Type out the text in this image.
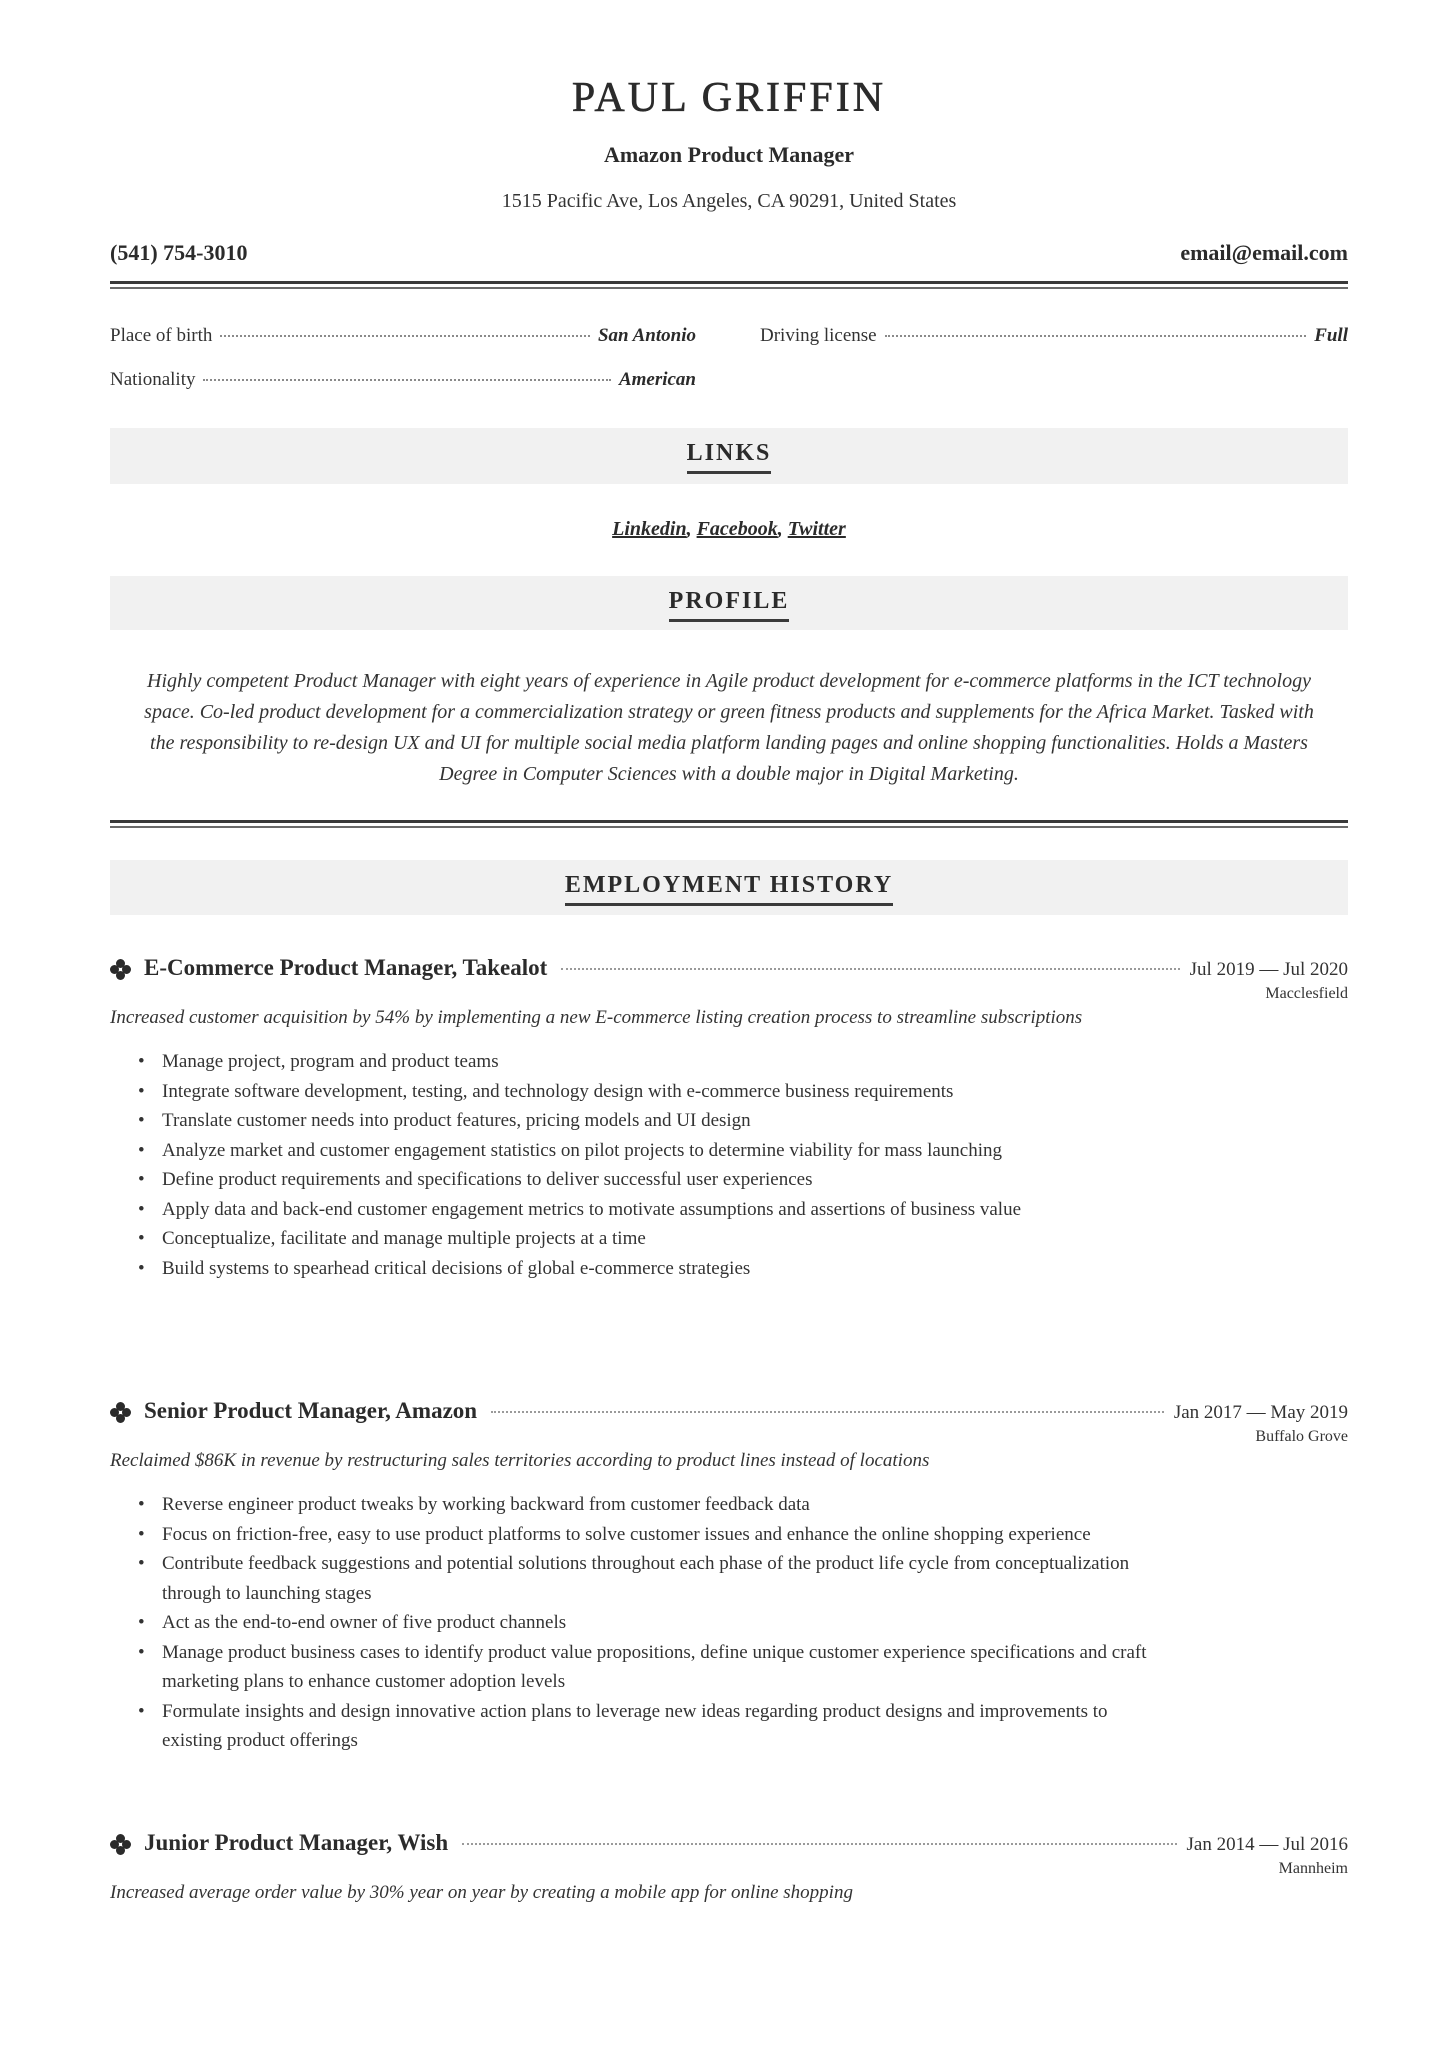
PAUL GRIFFIN
Amazon Product Manager
1515 Pacific Ave, Los Angeles, CA 90291, United States
(541) 754-3010	email@email.com
Place of birth	San Antonio	Driving license	Full
Nationality	American
LINKS
Linkedin, Facebook, Twitter
PROFILE
Highly competent Product Manager with eight years of experience in Agile product development for e-commerce platforms in the ICT technology space. Co-led product development for a commercialization strategy or green fitness products and supplements for the Africa Market. Tasked with the responsibility to re-design UX and UI for multiple social media platform landing pages and online shopping functionalities. Holds a Masters Degree in Computer Sciences with a double major in Digital Marketing.
EMPLOYMENT HISTORY
E-Commerce Product Manager, Takealot	Jul 2019 — Jul 2020
Macclesfield
Increased customer acquisition by 54% by implementing a new E-commerce listing creation process to streamline subscriptions
• Manage project, program and product teams
• Integrate software development, testing, and technology design with e-commerce business requirements
• Translate customer needs into product features, pricing models and UI design
• Analyze market and customer engagement statistics on pilot projects to determine viability for mass launching
• Define product requirements and specifications to deliver successful user experiences
• Apply data and back-end customer engagement metrics to motivate assumptions and assertions of business value
• Conceptualize, facilitate and manage multiple projects at a time
• Build systems to spearhead critical decisions of global e-commerce strategies
Senior Product Manager, Amazon	Jan 2017 — May 2019
Buffalo Grove
Reclaimed $86K in revenue by restructuring sales territories according to product lines instead of locations
• Reverse engineer product tweaks by working backward from customer feedback data
• Focus on friction-free, easy to use product platforms to solve customer issues and enhance the online shopping experience
• Contribute feedback suggestions and potential solutions throughout each phase of the product life cycle from conceptualization through to launching stages
• Act as the end-to-end owner of five product channels
• Manage product business cases to identify product value propositions, define unique customer experience specifications and craft marketing plans to enhance customer adoption levels
• Formulate insights and design innovative action plans to leverage new ideas regarding product designs and improvements to existing product offerings
Junior Product Manager, Wish	Jan 2014 — Jul 2016
Mannheim
Increased average order value by 30% year on year by creating a mobile app for online shopping
